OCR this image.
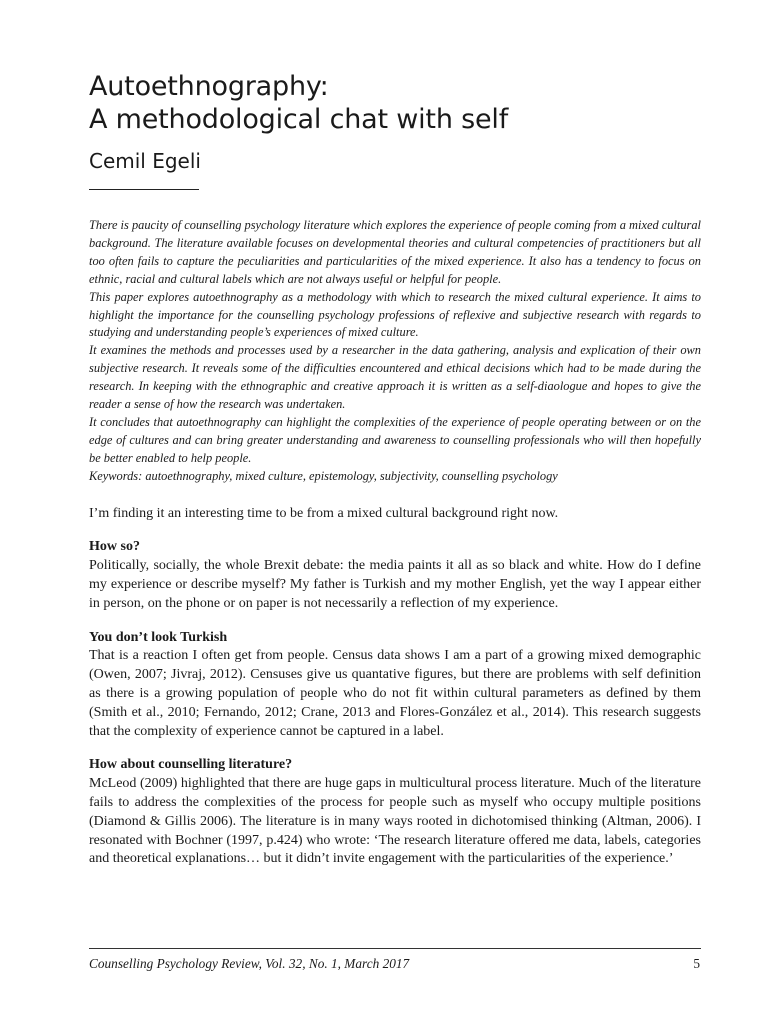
Autoethnography:
A methodological chat with self
Cemil Egeli

There is paucity of counselling psychology literature which explores the experience of people coming from a mixed cultural background. The literature available focuses on developmental theories and cultural competencies of practitioners but all too often fails to capture the peculiarities and particularities of the mixed experience. It also has a tendency to focus on ethnic, racial and cultural labels which are not always useful or helpful for people.

This paper explores autoethnography as a methodology with which to research the mixed cultural experience. It aims to highlight the importance for the counselling psychology professions of reflexive and subjective research with regards to studying and understanding people’s experiences of mixed culture.

It examines the methods and processes used by a researcher in the data gathering, analysis and explication of their own subjective research. It reveals some of the difficulties encountered and ethical decisions which had to be made during the research. In keeping with the ethnographic and creative approach it is written as a self-diaologue and hopes to give the reader a sense of how the research was undertaken.

It concludes that autoethnography can highlight the complexities of the experience of people operating between or on the edge of cultures and can bring greater understanding and awareness to counselling professionals who will then hopefully be better enabled to help people.

Keywords: autoethnography, mixed culture, epistemology, subjectivity, counselling psychology

I’m finding it an interesting time to be from a mixed cultural background right now.

How so?

Politically, socially, the whole Brexit debate: the media paints it all as so black and white. How do I define my experience or describe myself? My father is Turkish and my mother English, yet the way I appear either in person, on the phone or on paper is not necessarily a reflection of my experience.

You don’t look Turkish

That is a reaction I often get from people. Census data shows I am a part of a growing mixed demographic (Owen, 2007; Jivraj, 2012). Censuses give us quantative figures, but there are problems with self definition as there is a growing population of people who do not fit within cultural parameters as defined by them (Smith et al., 2010; Fernando, 2012; Crane, 2013 and Flores-González et al., 2014). This research suggests that the complexity of experience cannot be captured in a label.

How about counselling literature?

McLeod (2009) highlighted that there are huge gaps in multicultural process literature. Much of the literature fails to address the complexities of the process for people such as myself who occupy multiple positions (Diamond & Gillis 2006). The literature is in many ways rooted in dichotomised thinking (Altman, 2006). I resonated with Bochner (1997, p.424) who wrote: ‘The research literature offered me data, labels, categories and theoretical explanations… but it didn’t invite engagement with the particularities of the experience.’

Counselling Psychology Review, Vol. 32, No. 1, March 2017	5
